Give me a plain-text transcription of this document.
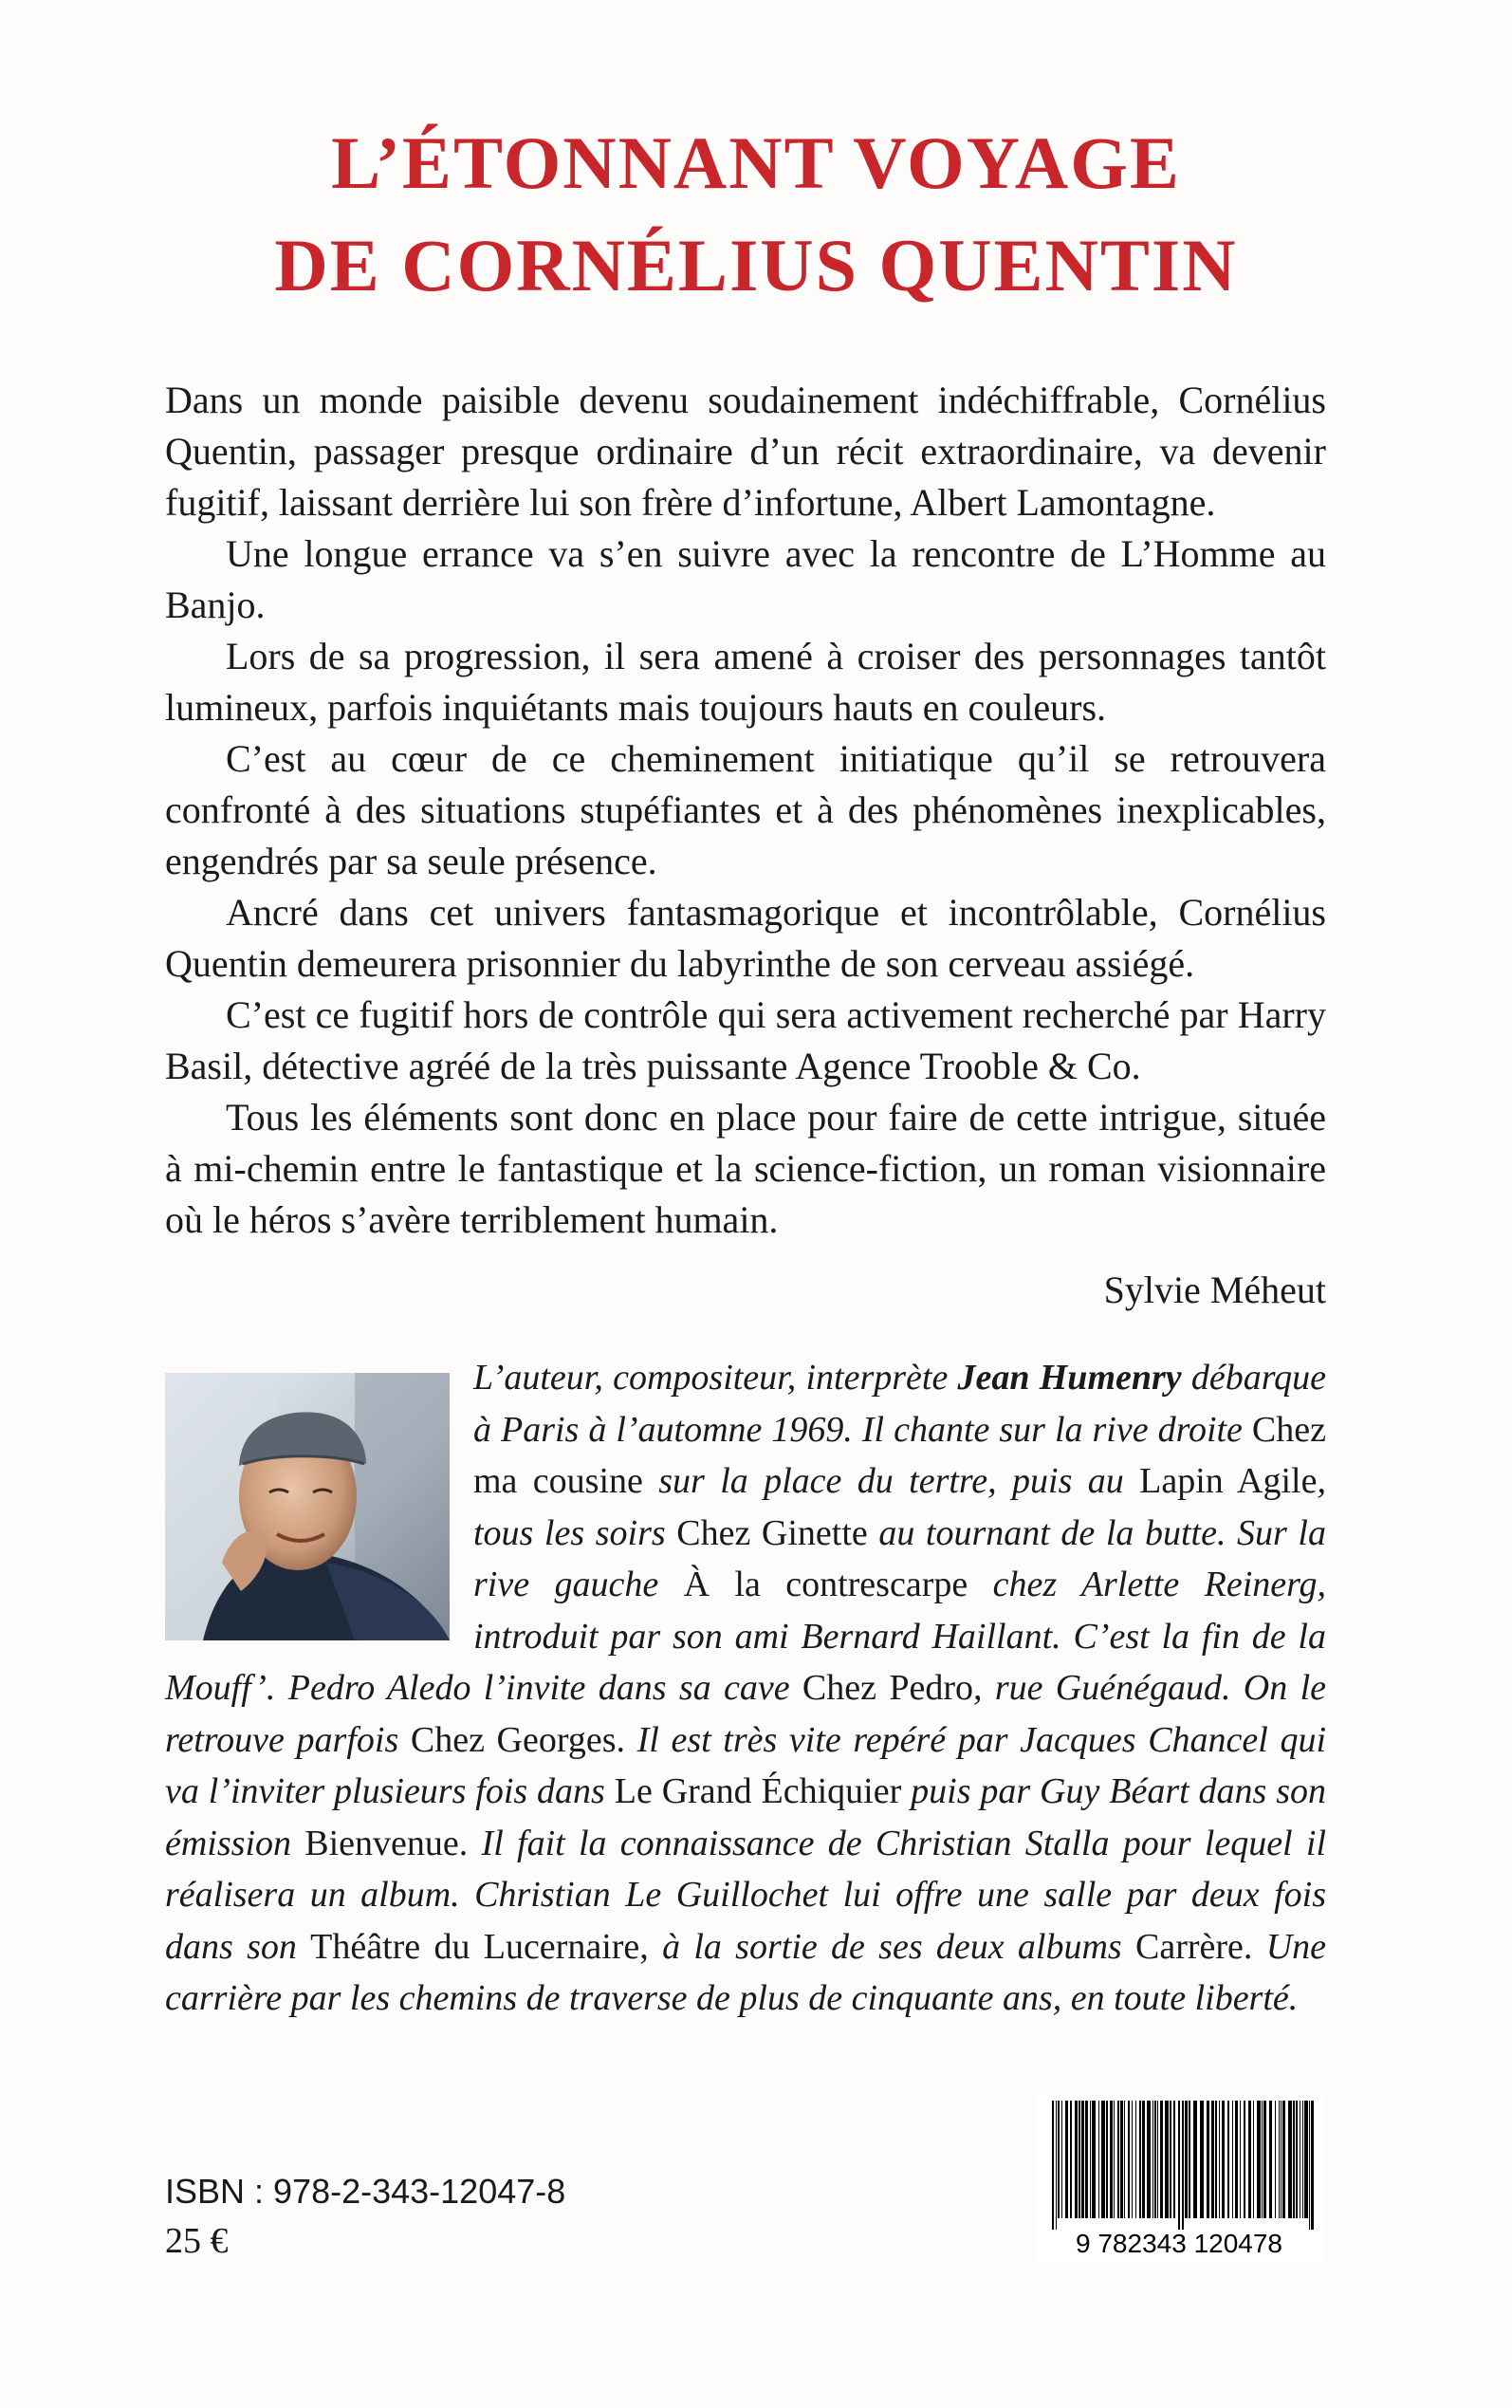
L’ÉTONNANT VOYAGE
DE CORNÉLIUS QUENTIN

Dans un monde paisible devenu soudainement indéchiffrable, Cornélius Quentin, passager presque ordinaire d’un récit extraordinaire, va devenir fugitif, laissant derrière lui son frère d’infortune, Albert Lamontagne.

Une longue errance va s’en suivre avec la rencontre de L’Homme au Banjo.

Lors de sa progression, il sera amené à croiser des personnages tantôt lumineux, parfois inquiétants mais toujours hauts en couleurs.

C’est au cœur de ce cheminement initiatique qu’il se retrouvera confronté à des situations stupéfiantes et à des phénomènes inexplicables, engendrés par sa seule présence.

Ancré dans cet univers fantasmagorique et incontrôlable, Cornélius Quentin demeurera prisonnier du labyrinthe de son cerveau assiégé.

C’est ce fugitif hors de contrôle qui sera activement recherché par Harry Basil, détective agréé de la très puissante Agence Trooble & Co.

Tous les éléments sont donc en place pour faire de cette intrigue, située à mi-chemin entre le fantastique et la science-fiction, un roman visionnaire où le héros s’avère terriblement humain.

Sylvie Méheut
L’auteur, compositeur, interprète Jean Humenry débarque à Paris à l’automne 1969. Il chante sur la rive droite Chez ma cousine sur la place du tertre, puis au Lapin Agile, tous les soirs Chez Ginette au tournant de la butte. Sur la rive gauche À la contrescarpe chez Arlette Reinerg, introduit par son ami Bernard Haillant. C’est la fin de la Mouff’. Pedro Aledo l’invite dans sa cave Chez Pedro, rue Guénégaud. On le retrouve parfois Chez Georges. Il est très vite repéré par Jacques Chancel qui va l’inviter plusieurs fois dans Le Grand Échiquier puis par Guy Béart dans son émission Bienvenue. Il fait la connaissance de Christian Stalla pour lequel il réalisera un album. Christian Le Guillochet lui offre une salle par deux fois dans son Théâtre du Lucernaire, à la sortie de ses deux albums Carrère. Une carrière par les chemins de traverse de plus de cinquante ans, en toute liberté.
9 782343 120478
ISBN : 978-2-343-12047-8
25 €
